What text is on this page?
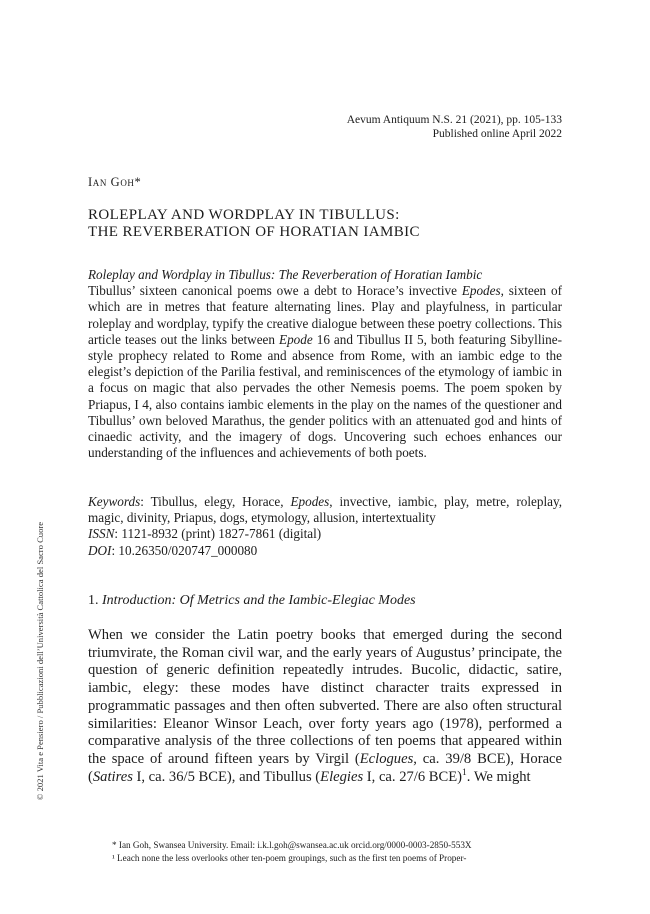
© 2021 Vita e Pensiero / Pubblicazioni dell’Università Cattolica del Sacro Cuore
Aevum Antiquum N.S. 21 (2021), pp. 105-133
Published online April 2022
Ian Goh*
ROLEPLAY AND WORDPLAY IN TIBULLUS:
THE REVERBERATION OF HORATIAN IAMBIC
Roleplay and Wordplay in Tibullus: The Reverberation of Horatian Iambic
Tibullus’ sixteen canonical poems owe a debt to Horace’s invective Epodes, sixteen of which are in metres that feature alternating lines. Play and playfulness, in particular roleplay and wordplay, typify the creative dialogue between these poetry collections. This article teases out the links between Epode 16 and Tibullus II 5, both featuring Sibylline-style prophecy related to Rome and absence from Rome, with an iambic edge to the elegist’s depiction of the Parilia festival, and reminiscences of the etymology of iambic in a focus on magic that also pervades the other Nemesis poems. The poem spoken by Priapus, I 4, also contains iambic elements in the play on the names of the questioner and Tibullus’ own beloved Marathus, the gender politics with an attenuated god and hints of cinaedic activity, and the imagery of dogs. Uncovering such echoes enhances our understanding of the influences and achievements of both poets.
Keywords: Tibullus, elegy, Horace, Epodes, invective, iambic, play, metre, roleplay, magic, divinity, Priapus, dogs, etymology, allusion, intertextuality
ISSN: 1121-8932 (print) 1827-7861 (digital)
DOI: 10.26350/020747_000080
1. Introduction: Of Metrics and the Iambic-Elegiac Modes
When we consider the Latin poetry books that emerged during the second triumvirate, the Roman civil war, and the early years of Augustus’ principate, the question of generic definition repeatedly intrudes. Bucolic, didactic, satire, iambic, elegy: these modes have distinct character traits expressed in programmatic passages and then often subverted. There are also often structural similarities: Eleanor Winsor Leach, over forty years ago (1978), performed a comparative analysis of the three collections of ten poems that appeared within the space of around fifteen years by Virgil (Eclogues, ca. 39/8 BCE), Horace (Satires I, ca. 36/5 BCE), and Tibullus (Elegies I, ca. 27/6 BCE)$^1$. We might
* Ian Goh, Swansea University. Email: i.k.l.goh@swansea.ac.uk orcid.org/0000-0003-2850-553X
¹ Leach none the less overlooks other ten-poem groupings, such as the first ten poems of Proper-
